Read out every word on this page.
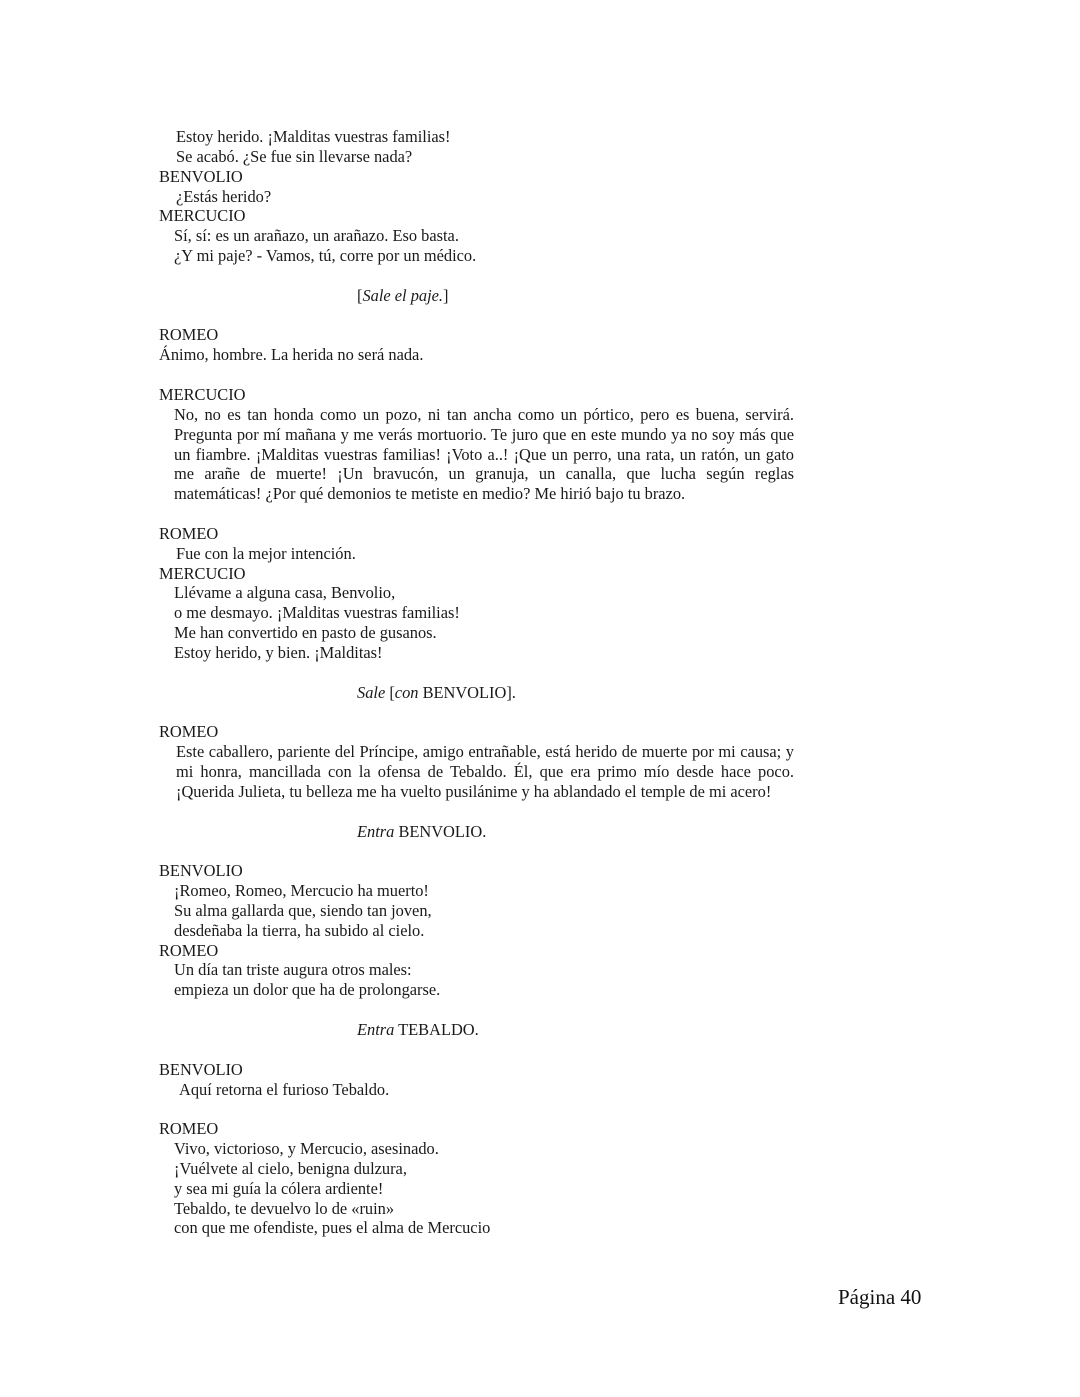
Estoy herido. ¡Malditas vuestras familias!
Se acabó. ¿Se fue sin llevarse nada?
BENVOLIO
¿Estás herido?
MERCUCIO
Sí, sí: es un arañazo, un arañazo. Eso basta.
¿Y mi paje? - Vamos, tú, corre por un médico.
[Sale el paje.]
ROMEO
Ánimo, hombre. La herida no será nada.
MERCUCIO
No, no es tan honda como un pozo, ni tan ancha como un pórtico, pero es buena, servirá. Pregunta por mí mañana y me verás mortuorio. Te juro que en este mundo ya no soy más que un fiambre. ¡Malditas vuestras familias! ¡Voto a..! ¡Que un perro, una rata, un ratón, un gato me arañe de muerte! ¡Un bravucón, un granuja, un canalla, que lucha según reglas matemáticas! ¿Por qué demonios te metiste en medio? Me hirió bajo tu brazo.
ROMEO
Fue con la mejor intención.
MERCUCIO
Llévame a alguna casa, Benvolio,
o me desmayo. ¡Malditas vuestras familias!
Me han convertido en pasto de gusanos.
Estoy herido, y bien. ¡Malditas!
Sale [con BENVOLIO].
ROMEO
Este caballero, pariente del Príncipe, amigo entrañable, está herido de muerte por mi causa; y mi honra, mancillada con la ofensa de Tebaldo. Él, que era primo mío desde hace poco. ¡Querida Julieta, tu belleza me ha vuelto pusilánime y ha ablandado el temple de mi acero!
Entra BENVOLIO.
BENVOLIO
¡Romeo, Romeo, Mercucio ha muerto!
Su alma gallarda que, siendo tan joven,
desdeñaba la tierra, ha subido al cielo.
ROMEO
Un día tan triste augura otros males:
empieza un dolor que ha de prolongarse.
Entra TEBALDO.
BENVOLIO
Aquí retorna el furioso Tebaldo.
ROMEO
Vivo, victorioso, y Mercucio, asesinado.
¡Vuélvete al cielo, benigna dulzura,
y sea mi guía la cólera ardiente!
Tebaldo, te devuelvo lo de «ruin»
con que me ofendiste, pues el alma de Mercucio
Página 40
